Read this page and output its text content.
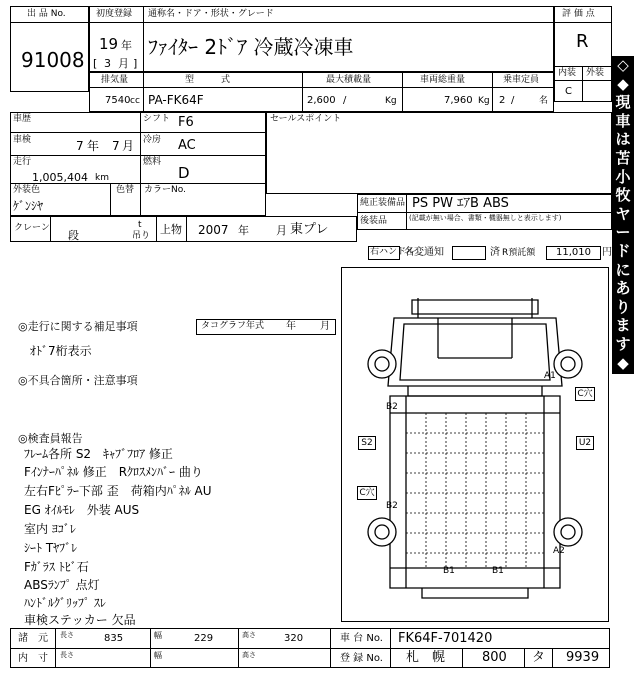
出 品 No.
91008
初度登録 通称名・ドア・形状・グレード
19 年
[ 3 月 ]
ﾌｧｲﾀｰ 2ﾄﾞｱ 冷蔵冷凍車
評 価 点
R
内装 外装
C
排気量	型　　　式	最大積載量	車両総重量	乗車定員
7540 cc PA-FK64F	2,600 /	Kg	7,960 Kg 2 /	名
車歴	シフト F6
車検	7 年 7 月 冷房 AC
走行
1,005,404 km
燃料
D
外装色
ｹﾞﾝｼﾔ
色替 カラーNo.
セールスポイント
純正装備品 PS PW ｴｱB ABS
後装品	(記載が無い場合、書類・機器無しと表示します)
クレーン
段
t
吊り 上物 2007 年 月 東プレ
右ハンドル
名変通知	済 R預託額 11,010 円
◎走行に関する補足事項	タコグラフ年式 年 月
ｵﾄﾞ7桁表示
◎不具合箇所・注意事項
◎検査員報告
ﾌﾚｰﾑ各所 S2　ｷｬﾌﾞﾌﾛｱ 修正
Fｲﾝﾅｰﾊﾟﾈﾙ 修正　Rｸﾛｽﾒﾝﾊﾞｰ 曲り
左右Fﾋﾟﾗｰ下部 歪　荷箱内ﾊﾟﾈﾙ AU
EG ｵｲﾙﾓﾚ　外装 AUS
室内 ﾖｺﾞﾚ
ｼｰﾄ Tﾔﾌﾞﾚ
Fｶﾞﾗｽ ﾄﾋﾞ石
ABSﾗﾝﾌﾟ 点灯
ﾊﾝﾄﾞﾙｸﾞﾘｯﾌﾟ ｽﾚ
車検ステッカー 欠品
A1
C穴
B2
S2	U2
C穴
B2
A2
B1	B1
諸　元 長さ	835	幅	229	高さ	320	車 台 No. FK64F-701420
内　寸 長さ	幅	高さ	登 録 No. 札　幌	800 タ 9939
◇
◆
現
車
は
苫
小
牧
ヤ
ー
ド
に
あ
り
ま
す
◆
◇
